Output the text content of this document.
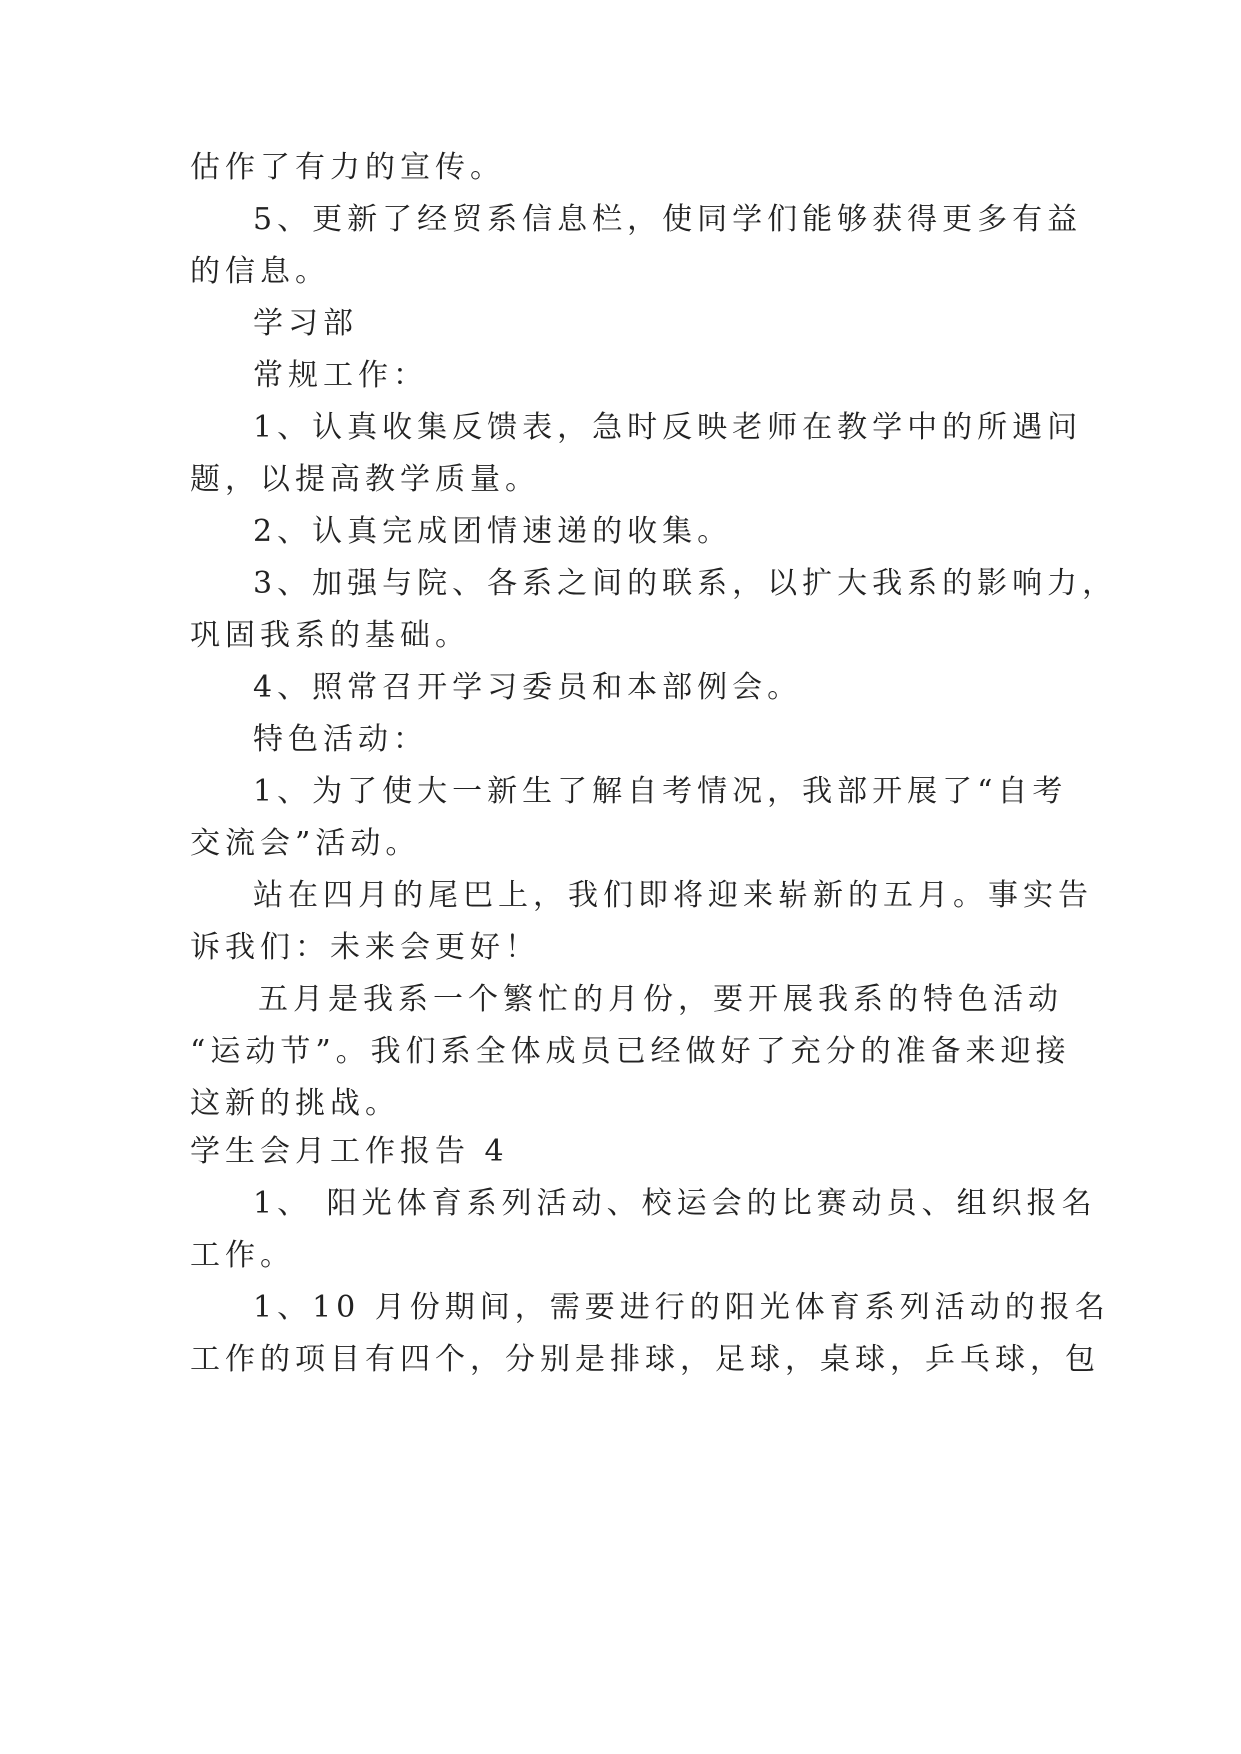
估作了有力的宣传。
5、更新了经贸系信息栏，使同学们能够获得更多有益
的信息。
学习部
常规工作：
1、认真收集反馈表，急时反映老师在教学中的所遇问
题，以提高教学质量。
2、认真完成团情速递的收集。
3、加强与院、各系之间的联系，以扩大我系的影响力，
巩固我系的基础。
4、照常召开学习委员和本部例会。
特色活动：
1、为了使大一新生了解自考情况，我部开展了“自考
交流会”活动。
站在四月的尾巴上，我们即将迎来崭新的五月。事实告
诉我们：未来会更好！
五月是我系一个繁忙的月份，要开展我系的特色活动
“运动节”。我们系全体成员已经做好了充分的准备来迎接
这新的挑战。
学生会月工作报告 4
1、 阳光体育系列活动、校运会的比赛动员、组织报名
工作。
1、10 月份期间，需要进行的阳光体育系列活动的报名
工作的项目有四个，分别是排球，足球，桌球，乒乓球，包
